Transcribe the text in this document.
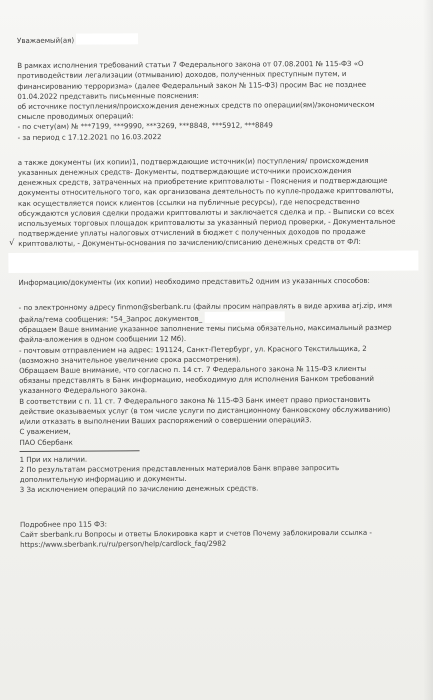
Уважаемый(ая)

В рамках исполнения требований статьи 7 Федерального закона от 07.08.2001 № 115-ФЗ «О
противодействии легализации (отмыванию) доходов, полученных преступным путем, и
финансированию терроризма» (далее Федеральный закон № 115-ФЗ) просим Вас не позднее
01.04.2022 представить письменные пояснения:
об источнике поступления/происхождения денежных средств по операции(ям)/экономическом
смысле проводимых операций:
- по счету(ам) № ***7199, ***9990, ***3269, ***8848, ***5912, ***8849
- за период с 17.12.2021 по 16.03.2022
а также документы (их копии)1, подтверждающие источник(и) поступления/ происхождения
указанных денежных средств- Документы, подтверждающие источники происхождения
денежных средств, затраченных на приобретение криптовалюты - Пояснения и подтверждающие
документы относительного того, как организована деятельность по купле-продаже криптовалюты,
как осуществляется поиск клиентов (ссылки на публичные ресурсы), где непосредственно
обсуждаются условия сделки продажи криптовалюты и заключается сделка и пр. - Выписки со всех
используемых торговых площадок криптовалюты за указанный период проверки, - Документальное
подтверждение уплаты налоговых отчислений в бюджет с полученных доходов по продаже
√ криптовалюты, - Документы-основания по зачислению/списанию денежных средств от ФЛ:

Информацию/документы (их копии) необходимо представить2 одним из указанных способов:

- по электронному адресу finmon@sberbank.ru (файлы просим направлять в виде архива arj.zip, имя
файла/тема сообщения: "54_Запрос документов_
обращаем Ваше внимание указанное заполнение темы письма обязательно, максимальный размер
файла-вложения в одном сообщении 12 Мб).
- почтовым отправлением на адрес: 191124, Санкт-Петербург, ул. Красного Текстильщика, 2
(возможно значительное увеличение срока рассмотрения).
Обращаем Ваше внимание, что согласно п. 14 ст. 7 Федерального закона № 115-ФЗ клиенты
обязаны представлять в Банк информацию, необходимую для исполнения Банком требований
указанного Федерального закона.
В соответствии с п. 11 ст. 7 Федерального закона № 115-ФЗ Банк имеет право приостановить
действие оказываемых услуг (в том числе услуги по дистанционному банковскому обслуживанию)
и/или отказать в выполнении Ваших распоряжений о совершении операций3.
С уважением,
ПАО Сбербанк
1 При их наличии.
2 По результатам рассмотрения представленных материалов Банк вправе запросить
дополнительную информацию и документы.
3 За исключением операций по зачислению денежных средств.
Подробнее про 115 ФЗ:
Сайт sberbank.ru Вопросы и ответы Блокировка карт и счетов Почему заблокировали ссылка -
https://www.sberbank.ru/ru/person/help/cardlock_faq/2982
